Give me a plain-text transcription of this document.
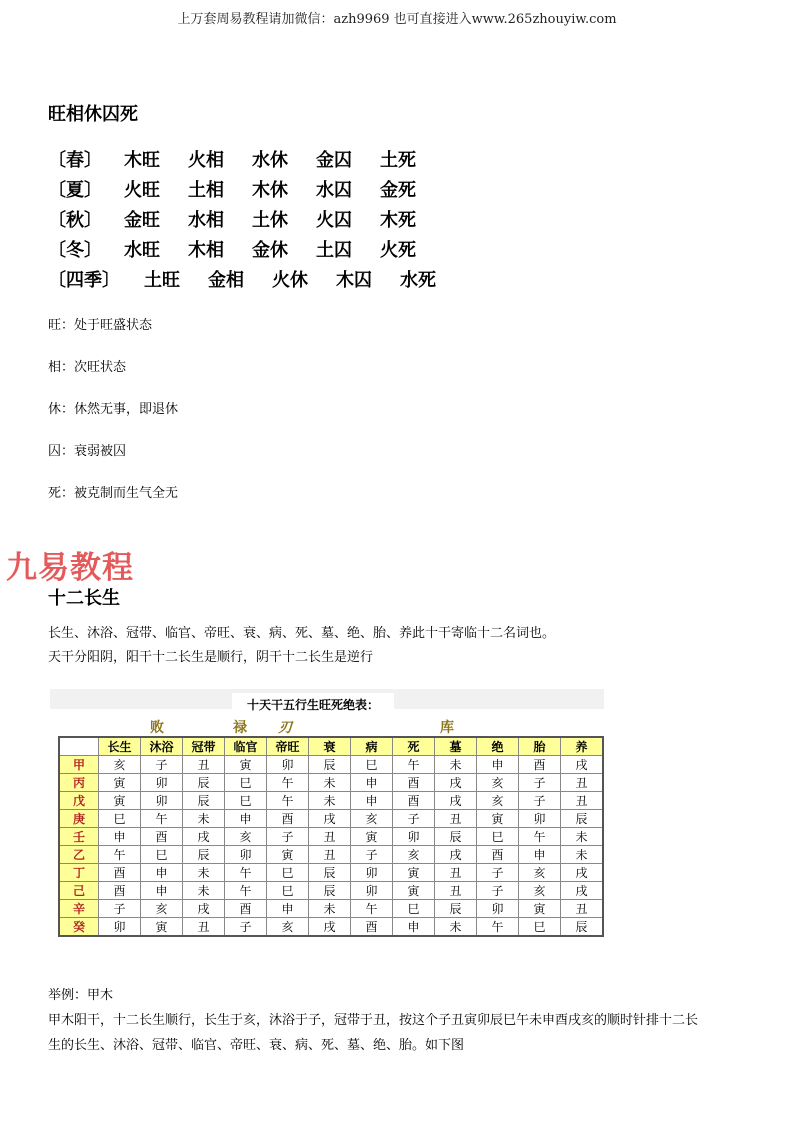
上万套周易教程请加微信：azh9969 也可直接进入www.265zhouyiw.com
旺相休囚死
〔春〕 木旺 火相 水休 金囚 土死
〔夏〕 火旺 土相 木休 水囚 金死
〔秋〕 金旺 水相 土休 火囚 木死
〔冬〕 水旺 木相 金休 土囚 火死
〔四季〕 土旺 金相 火休 木囚 水死
旺：处于旺盛状态
相：次旺状态
休：休然无事，即退休
囚：衰弱被囚
死：被克制而生气全无
九易教程
十二长生
长生、沐浴、冠带、临官、帝旺、衰、病、死、墓、绝、胎、养此十干寄临十二名词也。
天干分阳阴，阳干十二长生是顺行，阴干十二长生是逆行
十天干五行生旺死绝表：
败	禄 刃	库
	长生	沐浴	冠带	临官	帝旺	衰	病	死	墓	绝	胎	养
甲	亥	子	丑	寅	卯	辰	巳	午	未	申	酉	戌
丙	寅	卯	辰	巳	午	未	申	酉	戌	亥	子	丑
戊	寅	卯	辰	巳	午	未	申	酉	戌	亥	子	丑
庚	巳	午	未	申	酉	戌	亥	子	丑	寅	卯	辰
壬	申	酉	戌	亥	子	丑	寅	卯	辰	巳	午	未
乙	午	巳	辰	卯	寅	丑	子	亥	戌	酉	申	未
丁	酉	申	未	午	巳	辰	卯	寅	丑	子	亥	戌
己	酉	申	未	午	巳	辰	卯	寅	丑	子	亥	戌
辛	子	亥	戌	酉	申	未	午	巳	辰	卯	寅	丑
癸	卯	寅	丑	子	亥	戌	酉	申	未	午	巳	辰
举例：甲木
甲木阳干，十二长生顺行，长生于亥，沐浴于子，冠带于丑，按这个子丑寅卯辰巳午未申酉戌亥的顺时针排十二长
生的长生、沐浴、冠带、临官、帝旺、衰、病、死、墓、绝、胎。如下图
